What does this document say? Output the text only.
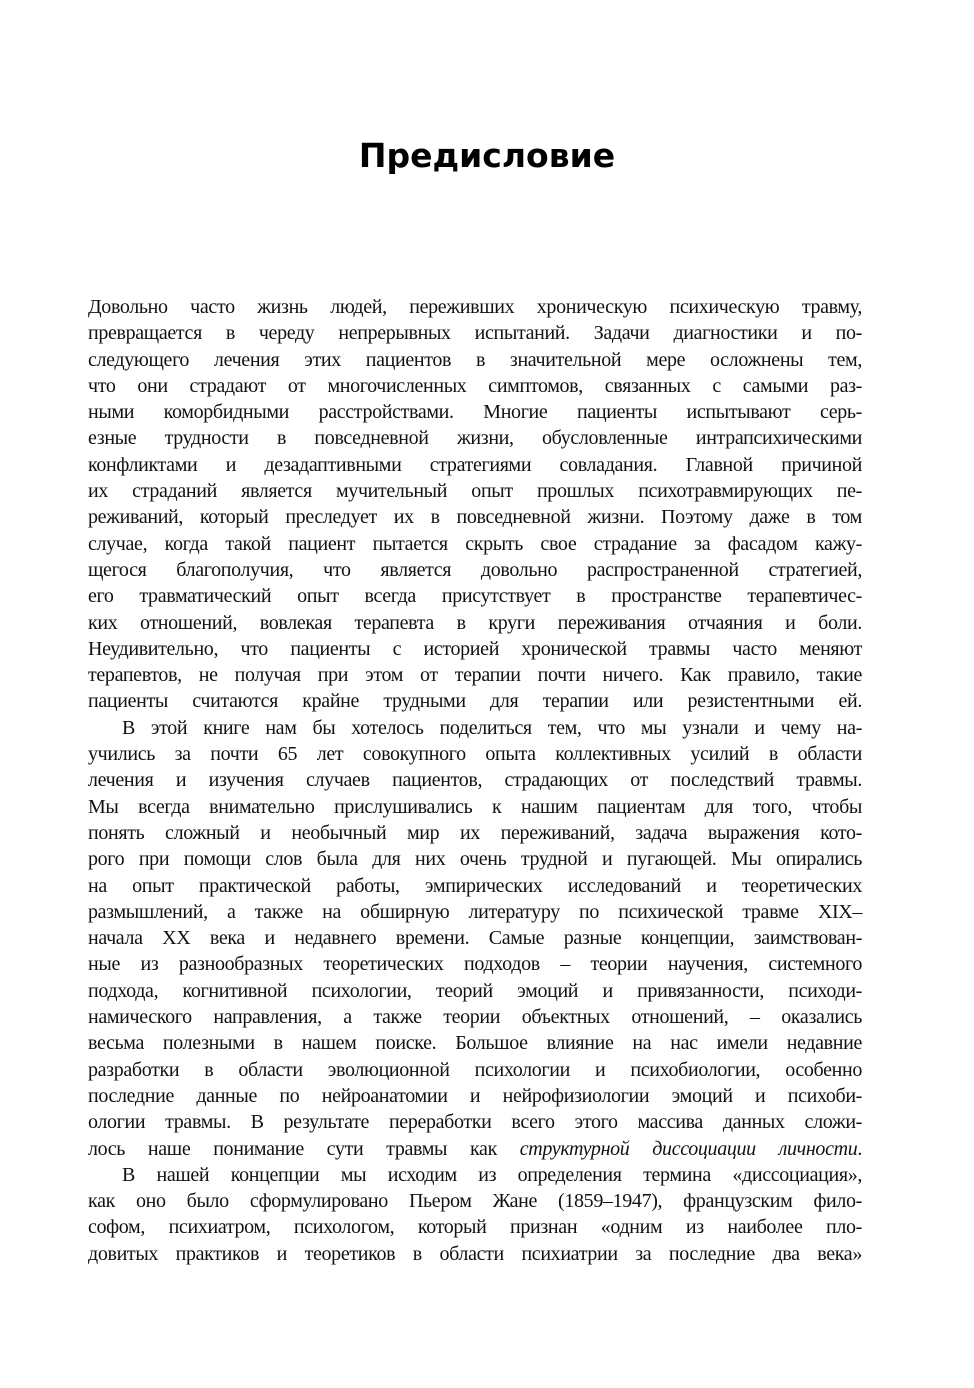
Предисловие
Довольно часто жизнь людей, переживших хроническую психическую травму,
превращается в череду непрерывных испытаний. Задачи диагностики и по-
следующего лечения этих пациентов в значительной мере осложнены тем,
что они страдают от многочисленных симптомов, связанных с самыми раз-
ными коморбидными расстройствами. Многие пациенты испытывают серь-
езные трудности в повседневной жизни, обусловленные интрапсихическими
конфликтами и дезадаптивными стратегиями совладания. Главной причиной
их страданий является мучительный опыт прошлых психотравмирующих пе-
реживаний, который преследует их в повседневной жизни. Поэтому даже в том
случае, когда такой пациент пытается скрыть свое страдание за фасадом кажу-
щегося благополучия, что является довольно распространенной стратегией,
его травматический опыт всегда присутствует в пространстве терапевтичес-
ких отношений, вовлекая терапевта в круги переживания отчаяния и боли.
Неудивительно, что пациенты с историей хронической травмы часто меняют
терапевтов, не получая при этом от терапии почти ничего. Как правило, такие
пациенты считаются крайне трудными для терапии или резистентными ей.
В этой книге нам бы хотелось поделиться тем, что мы узнали и чему на-
учились за почти 65 лет совокупного опыта коллективных усилий в области
лечения и изучения случаев пациентов, страдающих от последствий травмы.
Мы всегда внимательно прислушивались к нашим пациентам для того, чтобы
понять сложный и необычный мир их переживаний, задача выражения кото-
рого при помощи слов была для них очень трудной и пугающей. Мы опирались
на опыт практической работы, эмпирических исследований и теоретических
размышлений, а также на обширную литературу по психической травме XIX–
начала XX века и недавнего времени. Самые разные концепции, заимствован-
ные из разнообразных теоретических подходов – теории научения, системного
подхода, когнитивной психологии, теорий эмоций и привязанности, психоди-
намического направления, а также теории объектных отношений, – оказались
весьма полезными в нашем поиске. Большое влияние на нас имели недавние
разработки в области эволюционной психологии и психобиологии, особенно
последние данные по нейроанатомии и нейрофизиологии эмоций и психоби-
ологии травмы. В результате переработки всего этого массива данных сложи-
лось наше понимание сути травмы как структурной диссоциации личности.
В нашей концепции мы исходим из определения термина «диссоциация»,
как оно было сформулировано Пьером Жане (1859–1947), французским фило-
софом, психиатром, психологом, который признан «одним из наиболее пло-
довитых практиков и теоретиков в области психиатрии за последние два века»
